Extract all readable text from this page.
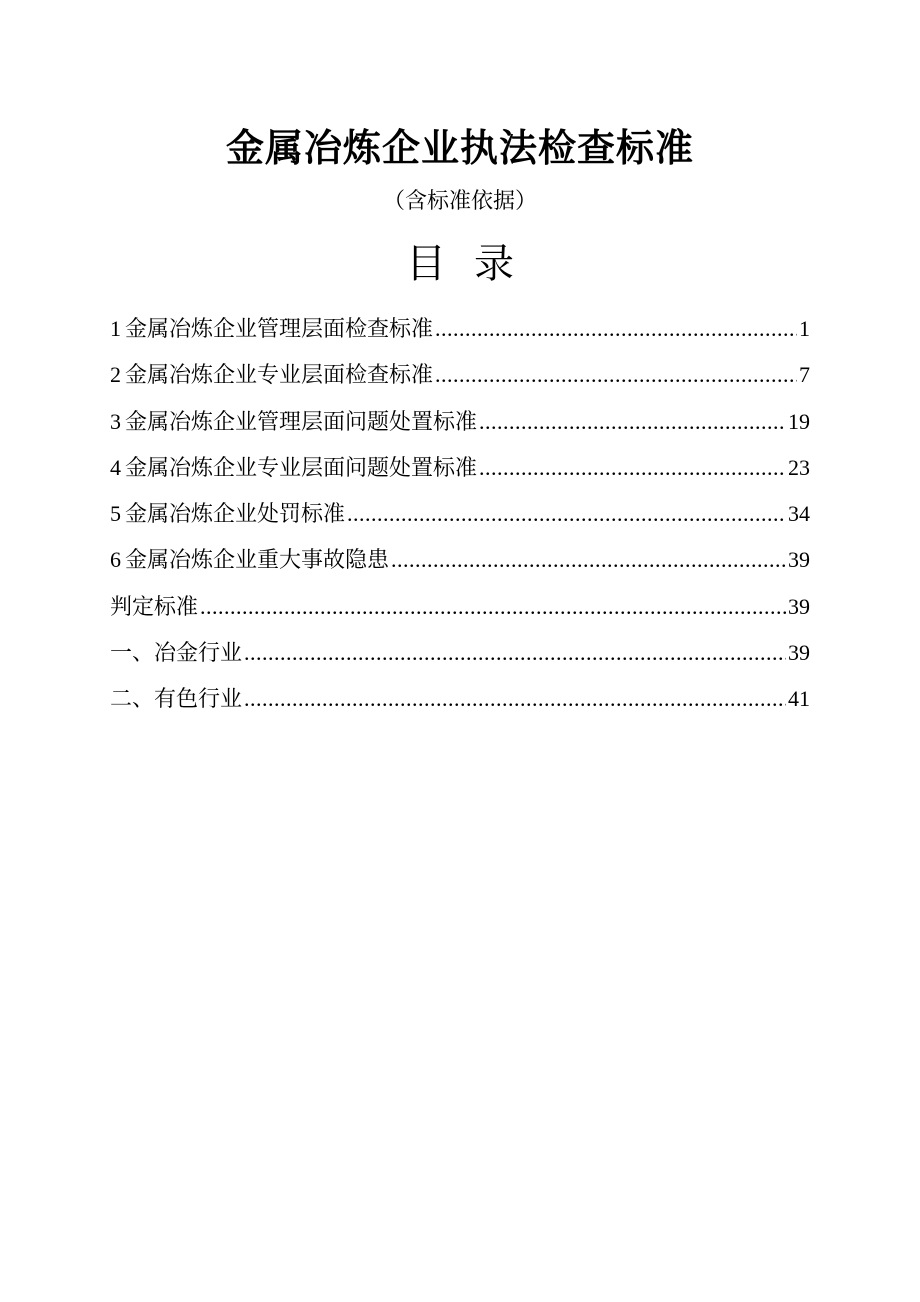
金属冶炼企业执法检查标准
（含标准依据）
目录
1 金属冶炼企业管理层面检查标准 .....	1
2 金属冶炼企业专业层面检查标准 .....	7
3 金属冶炼企业管理层面问题处置标准 .....	19
4 金属冶炼企业专业层面问题处置标准 .....	23
5 金属冶炼企业处罚标准 .....	34
6 金属冶炼企业重大事故隐患 .....	39
判定标准 .....	39
一、冶金行业 .....	39
二、有色行业 .....	41
